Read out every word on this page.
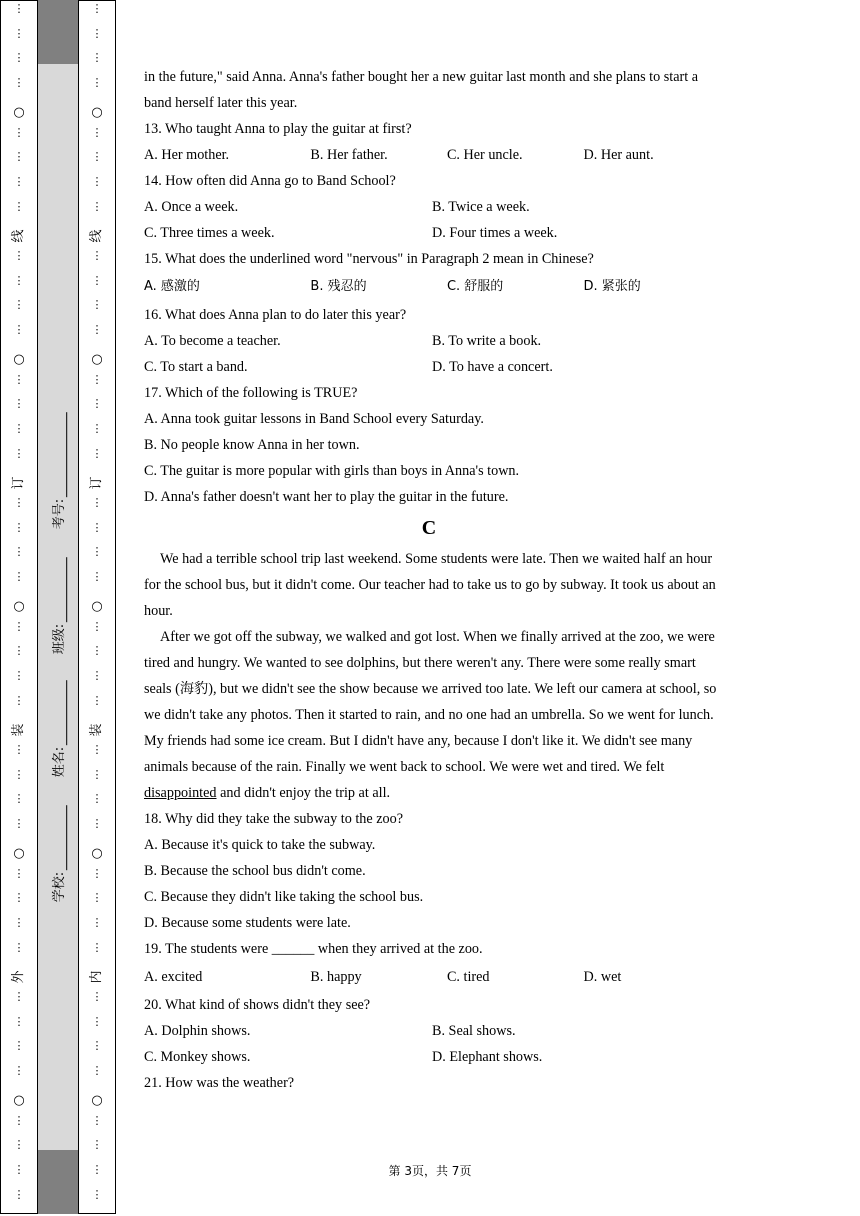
⋮
⋮
⋮
⋮
⋮
⋮
⋮
⋮
⋮
⋮
⋮
⋮
⋮
⋮
⋮
⋮
⋮
⋮
⋮
⋮
⋮
⋮
⋮
⋮
⋮
⋮
⋮
⋮
⋮
⋮
⋮
⋮
⋮
⋮
⋮
⋮
⋮
⋮
⋮
⋮
○
○
○
○
○
线
订
装
外
⋮
⋮
⋮
⋮
⋮
⋮
⋮
⋮
⋮
⋮
⋮
⋮
⋮
⋮
⋮
⋮
⋮
⋮
⋮
⋮
⋮
⋮
⋮
⋮
⋮
⋮
⋮
⋮
⋮
⋮
⋮
⋮
⋮
⋮
⋮
⋮
⋮
⋮
⋮
⋮
○
○
○
○
○
线
订
装
内
考号:
班级:
姓名:
学校:

in the future," said Anna. Anna's father bought her a new guitar last month and she plans to start a band herself later this year.

13. Who taught Anna to play the guitar at first?

A. Her mother.	B. Her father.	C. Her uncle.	D. Her aunt.

14. How often did Anna go to Band School?

A. Once a week.	B. Twice a week.
C. Three times a week.	D. Four times a week.

15. What does the underlined word "nervous" in Paragraph 2 mean in Chinese?

A. 感激的	B. 残忍的	C. 舒服的	D. 紧张的

16. What does Anna plan to do later this year?

A. To become a teacher.	B. To write a book.
C. To start a band.	D. To have a concert.

17. Which of the following is TRUE?

A. Anna took guitar lessons in Band School every Saturday.

B. No people know Anna in her town.

C. The guitar is more popular with girls than boys in Anna's town.

D. Anna's father doesn't want her to play the guitar in the future.

C

We had a terrible school trip last weekend. Some students were late. Then we waited half an hour for the school bus, but it didn't come. Our teacher had to take us to go by subway. It took us about an hour.

After we got off the subway, we walked and got lost. When we finally arrived at the zoo, we were tired and hungry. We wanted to see dolphins, but there weren't any. There were some really smart seals (海豹), but we didn't see the show because we arrived too late. We left our camera at school, so we didn't take any photos. Then it started to rain, and no one had an umbrella. So we went for lunch. My friends had some ice cream. But I didn't have any, because I don't like it. We didn't see many animals because of the rain. Finally we went back to school. We were wet and tired. We felt disappointed and didn't enjoy the trip at all.

18. Why did they take the subway to the zoo?

A. Because it's quick to take the subway.

B. Because the school bus didn't come.

C. Because they didn't like taking the school bus.

D. Because some students were late.

19. The students were ______ when they arrived at the zoo.

A. excited	B. happy	C. tired	D. wet

20. What kind of shows didn't they see?

A. Dolphin shows.	B. Seal shows.
C. Monkey shows.	D. Elephant shows.

21. How was the weather?

第 3页，共 7页
